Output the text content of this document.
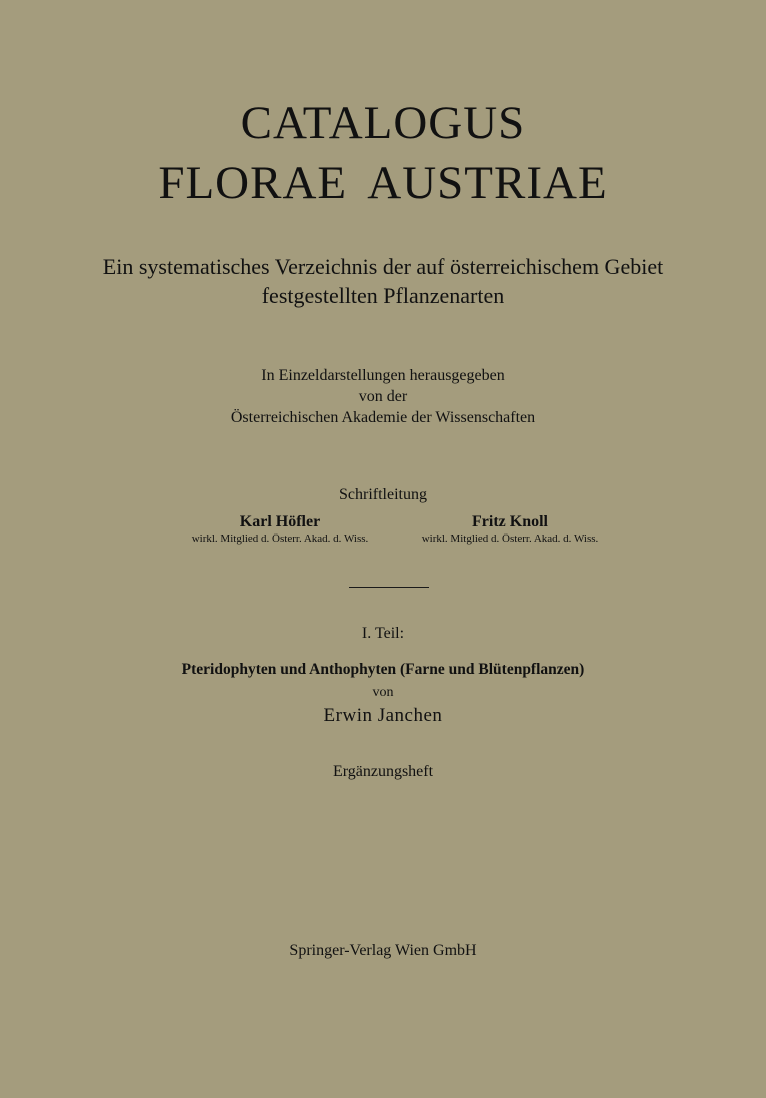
CATALOGUS
FLORAE AUSTRIAE
Ein systematisches Verzeichnis der auf österreichischem Gebiet
festgestellten Pflanzenarten
In Einzeldarstellungen herausgegeben
von der
Österreichischen Akademie der Wissenschaften
Schriftleitung
Karl Höfler
wirkl. Mitglied d. Österr. Akad. d. Wiss.
Fritz Knoll
wirkl. Mitglied d. Österr. Akad. d. Wiss.
I. Teil:
Pteridophyten und Anthophyten (Farne und Blütenpflanzen)
von
Erwin Janchen
Ergänzungsheft
Springer-Verlag Wien GmbH
